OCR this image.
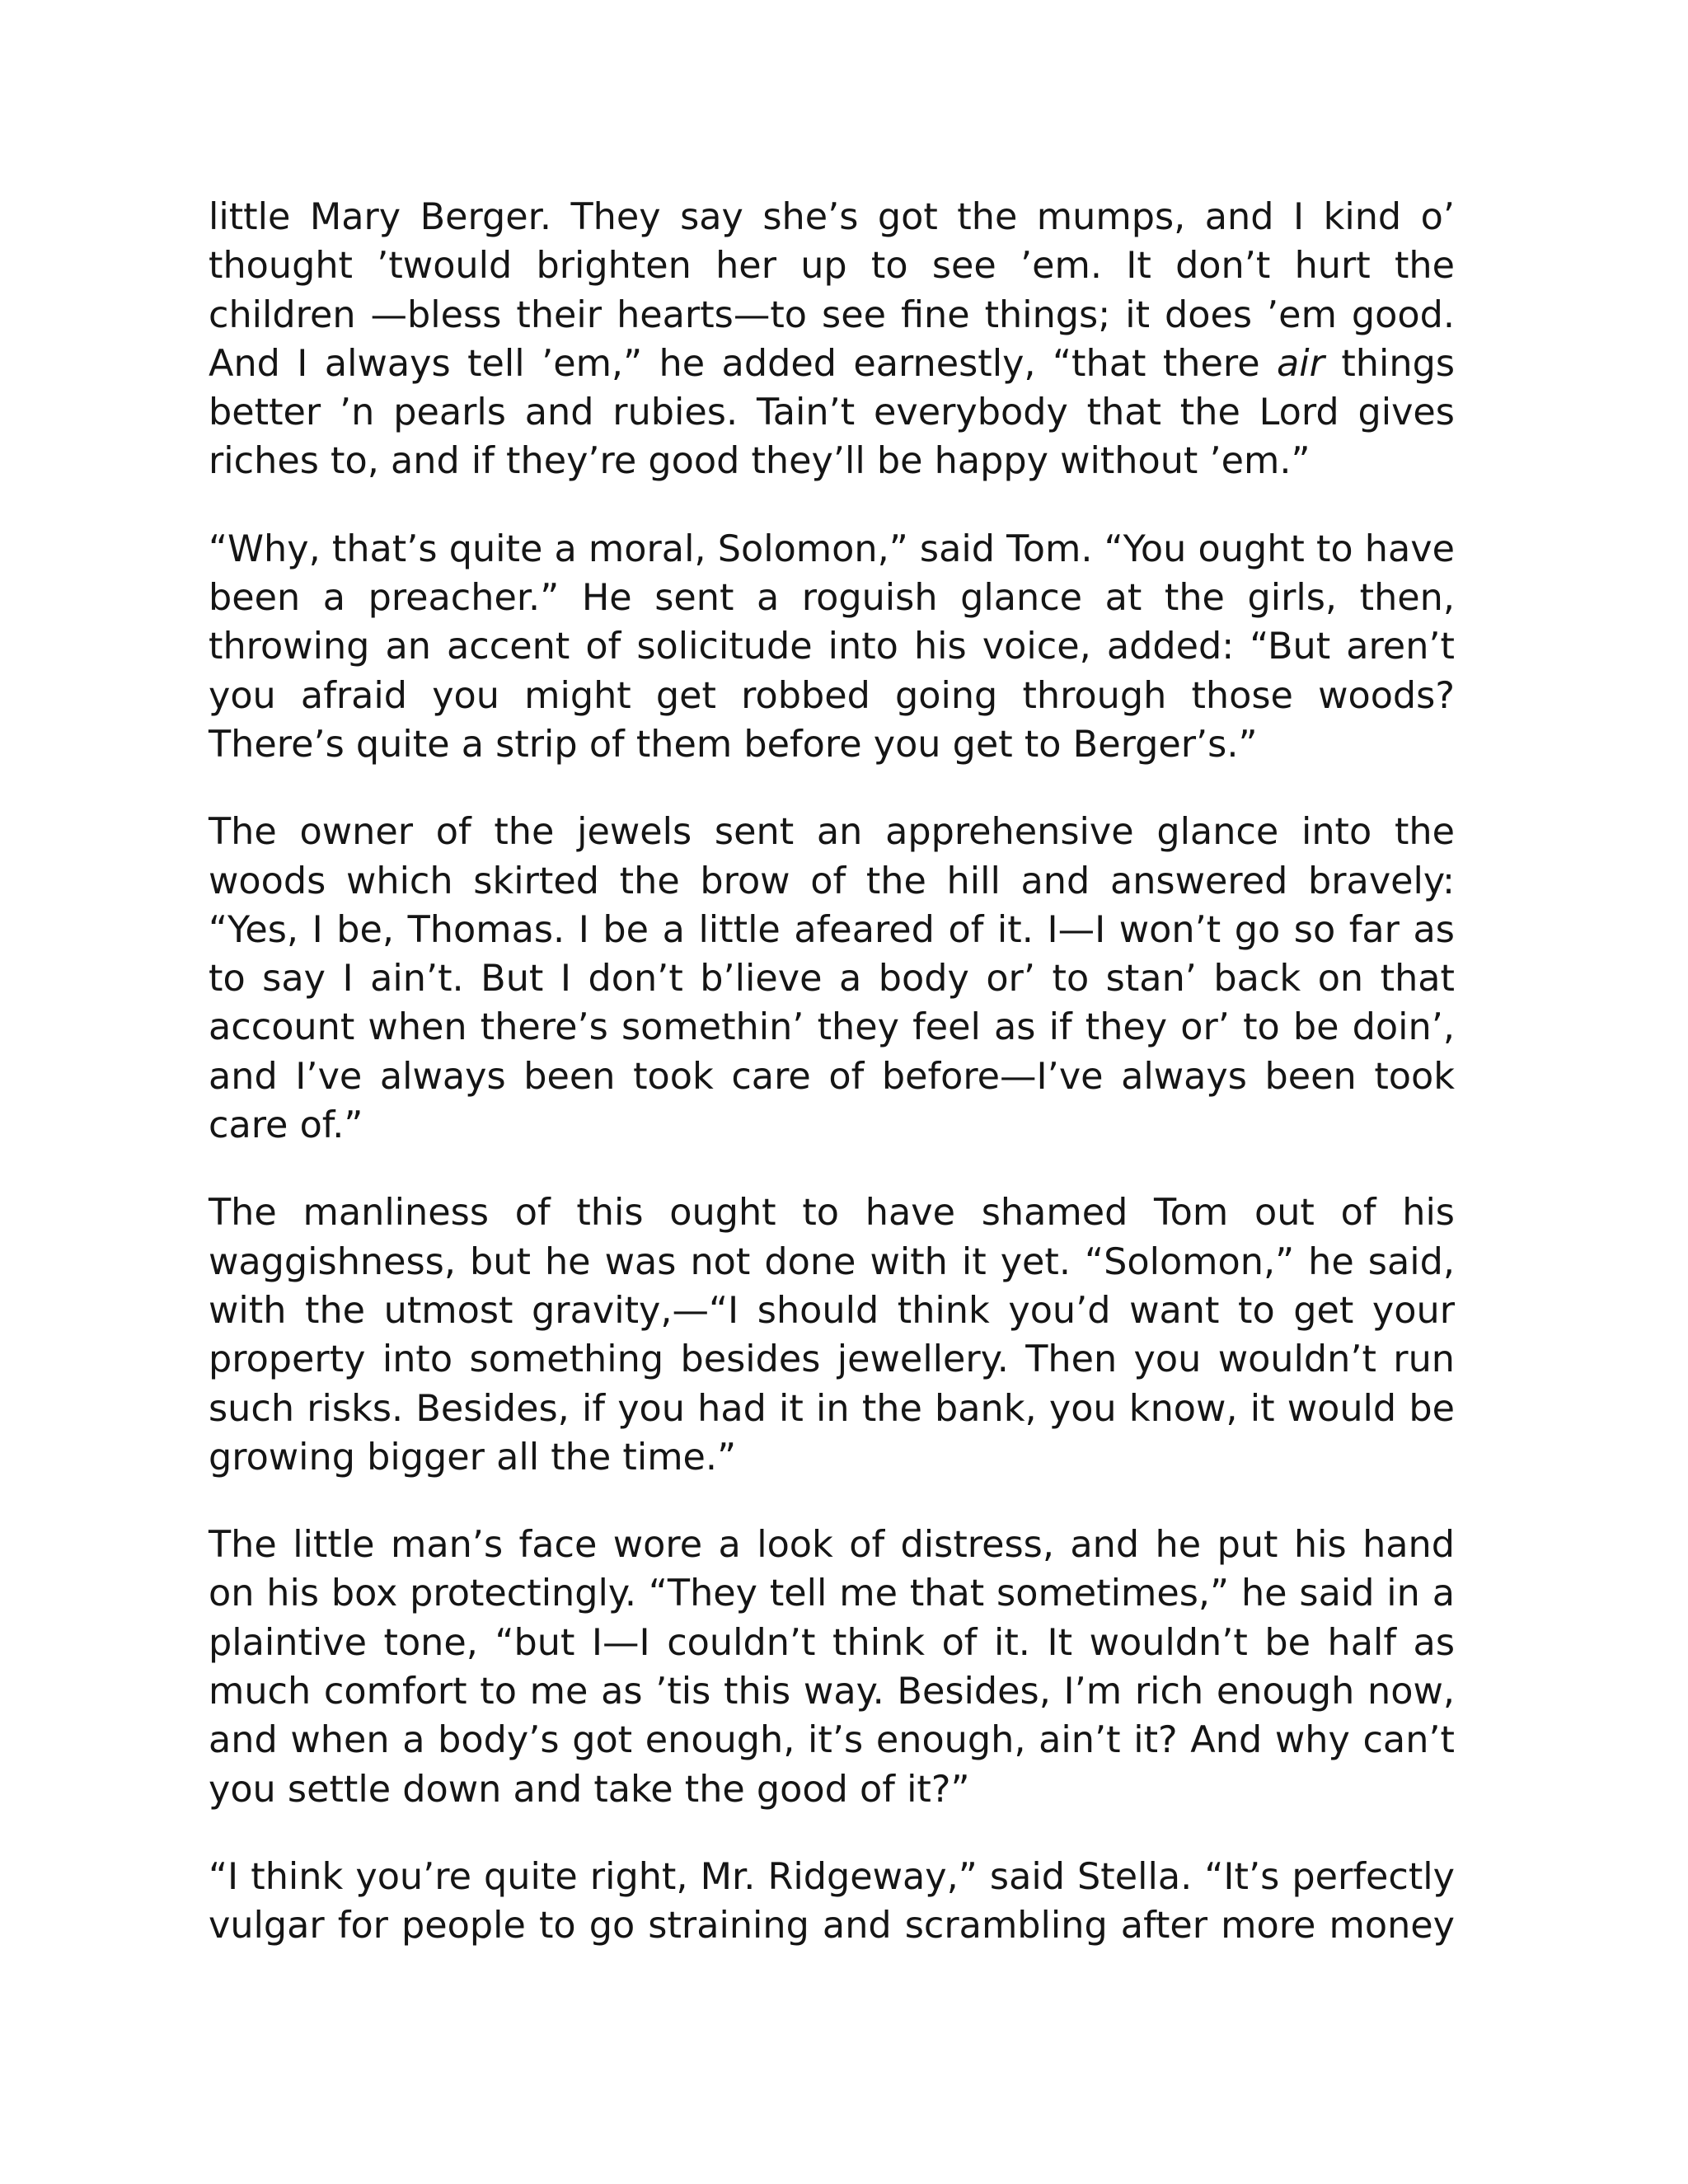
little Mary Berger. They say she’s got the mumps, and I kind o’ thought ’twould brighten her up to see ’em. It don’t hurt the children —bless their hearts—to see fine things; it does ’em good. And I always tell ’em,” he added earnestly, “that there air things better ’n pearls and rubies. Tain’t everybody that the Lord gives riches to, and if they’re good they’ll be happy without ’em.”

“Why, that’s quite a moral, Solomon,” said Tom. “You ought to have been a preacher.” He sent a roguish glance at the girls, then, throwing an accent of solicitude into his voice, added: “But aren’t you afraid you might get robbed going through those woods? There’s quite a strip of them before you get to Berger’s.”

The owner of the jewels sent an apprehensive glance into the woods which skirted the brow of the hill and answered bravely: “Yes, I be, Thomas. I be a little afeared of it. I—I won’t go so far as to say I ain’t. But I don’t b’lieve a body or’ to stan’ back on that account when there’s somethin’ they feel as if they or’ to be doin’, and I’ve always been took care of before—I’ve always been took care of.”

The manliness of this ought to have shamed Tom out of his waggishness, but he was not done with it yet. “Solomon,” he said, with the utmost gravity,—“I should think you’d want to get your property into something besides jewellery. Then you wouldn’t run such risks. Besides, if you had it in the bank, you know, it would be growing bigger all the time.”

The little man’s face wore a look of distress, and he put his hand on his box protectingly. “They tell me that sometimes,” he said in a plaintive tone, “but I—I couldn’t think of it. It wouldn’t be half as much comfort to me as ’tis this way. Besides, I’m rich enough now, and when a body’s got enough, it’s enough, ain’t it? And why can’t you settle down and take the good of it?”

“I think you’re quite right, Mr. Ridgeway,” said Stella. “It’s perfectly vulgar for people to go straining and scrambling after more money
